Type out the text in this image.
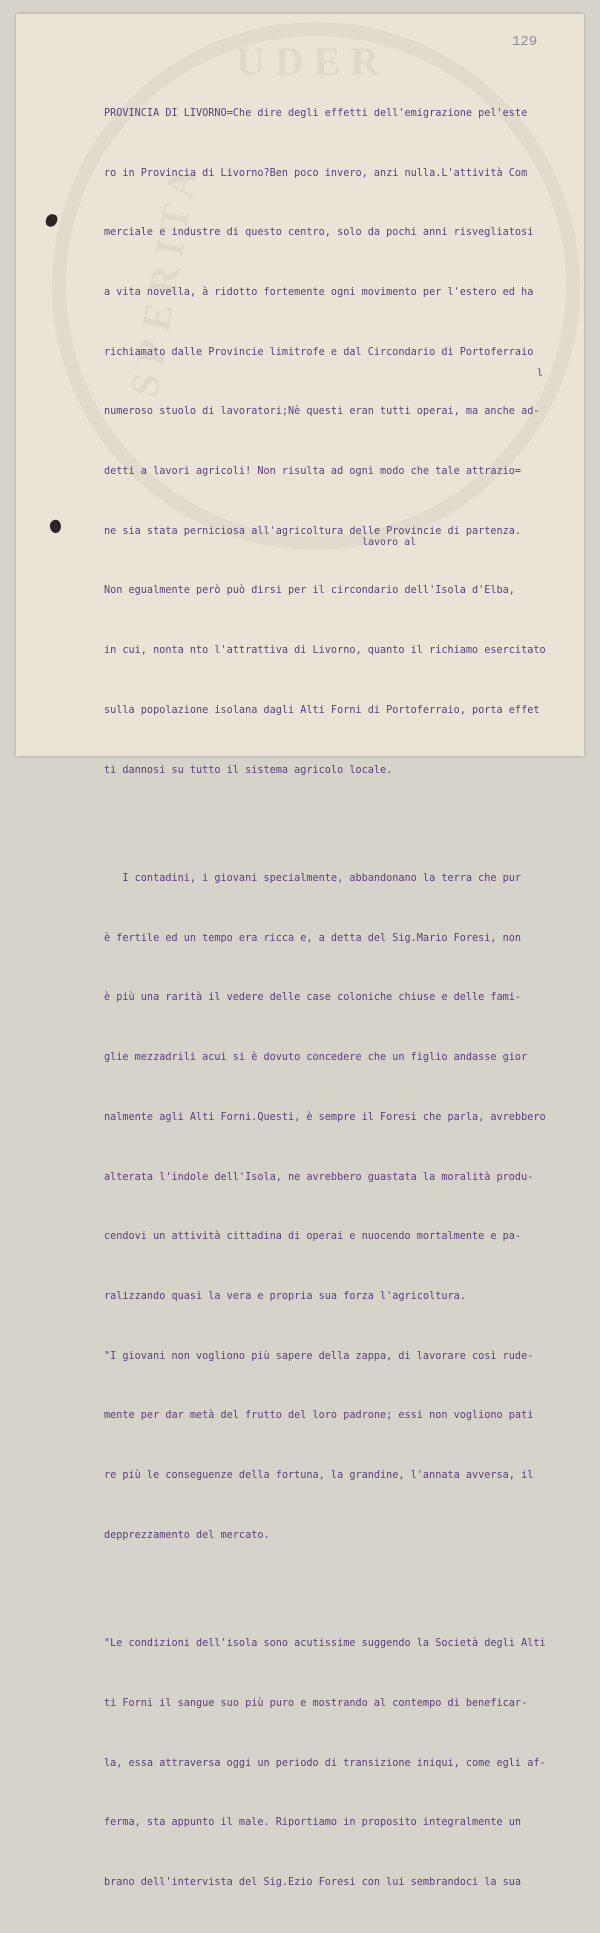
UDER
SPERITA
129

PROVINCIA DI LIVORNO=Che dire degli effetti dell'emigrazione pel'este

ro in Provincia di Livorno?Ben poco invero, anzi nulla.L'attività Com

merciale e industre di questo centro, solo da pochi anni risvegliatosi

a vita novella, à ridotto fortemente ogni movimento per l'estero ed ha

richiamato dalle Provincie limitrofe e dal Circondario di Portoferraio

numeroso stuolo di lavoratori;Nè questi eran tutti operai, ma anche ad-

detti a lavori agricoli! Non risulta ad ogni modo che tale attrazio=

ne sia stata perniciosa all'agricoltura delle Provincie di partenza.

Non egualmente però può dirsi per il circondario dell'Isola d'Elba,

in cui, nonta nto l'attrattiva di Livorno, quanto il richiamo esercitato

sulla popolazione isolana dagli Alti Forni di Portoferraio, porta effet

ti dannosi su tutto il sistema agricolo locale.

I contadini, i giovani specialmente, abbandonano la terra che pur

è fertile ed un tempo era ricca e, a detta del Sig.Mario Foresi, non

è più una rarità il vedere delle case coloniche chiuse e delle fami-

glie mezzadrili acui si è dovuto concedere che un figlio andasse gior

nalmente agli Alti Forni.Questi, è sempre il Foresi che parla, avrebbero

alterata l'indole dell'Isola, ne avrebbero guastata la moralità produ-

cendovi un attività cittadina di operai e nuocendo mortalmente e pa-

ralizzando quasi la vera e propria sua forza l'agricoltura.

"I giovani non vogliono più sapere della zappa, di lavorare così rude-

mente per dar metà del frutto del loro padrone; essi non vogliono pati

re più le conseguenze della fortuna, la grandine, l'annata avversa, il

depprezzamento del mercato.

"Le condizioni dell'isola sono acutissime suggendo la Società degli Alti

ti Forni il sangue suo più puro e mostrando al contempo di beneficar-

la, essa attraversa oggi un periodo di transizione iniqui, come egli af-

ferma, sta appunto il male. Riportiamo in proposito integralmente un

brano dell'intervista del Sig.Ezio Foresi con lui sembrandoci la sua

l
lavoro al
